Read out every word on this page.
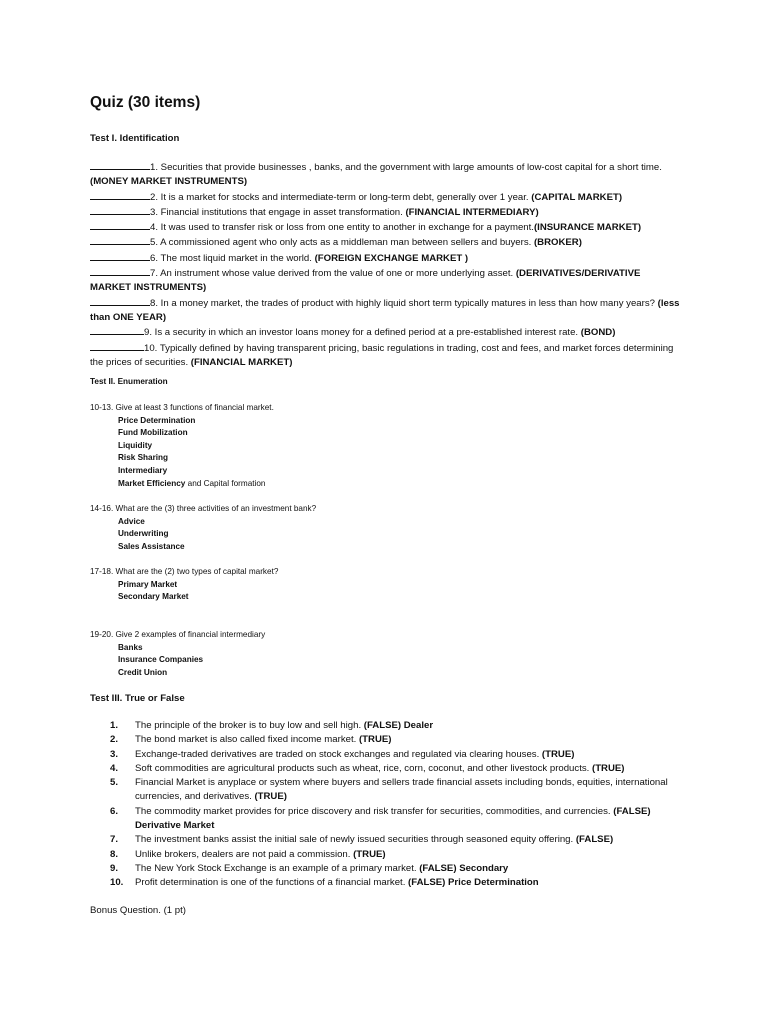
Quiz (30 items)
Test I. Identification

1. Securities that provide businesses , banks, and the government with large amounts of low-cost capital for a short time. (MONEY MARKET INSTRUMENTS)

2. It is a market for stocks and intermediate-term or long-term debt, generally over 1 year. (CAPITAL MARKET)

3. Financial institutions that engage in asset transformation. (FINANCIAL INTERMEDIARY)

4. It was used to transfer risk or loss from one entity to another in exchange for a payment.(INSURANCE MARKET)

5. A commissioned agent who only acts as a middleman man between sellers and buyers. (BROKER)

6. The most liquid market in the world. (FOREIGN EXCHANGE MARKET )

7. An instrument whose value derived from the value of one or more underlying asset. (DERIVATIVES/DERIVATIVE MARKET INSTRUMENTS)

8. In a money market, the trades of product with highly liquid short term typically matures in less than how many years? (less than ONE YEAR)

9. Is a security in which an investor loans money for a defined period at a pre-established interest rate. (BOND)

10. Typically defined by having transparent pricing, basic regulations in trading, cost and fees, and market forces determining the prices of securities. (FINANCIAL MARKET)

Test II. Enumeration

10-13. Give at least 3 functions of financial market.

Price Determination
Fund Mobilization
Liquidity
Risk Sharing
Intermediary
Market Efficiency and Capital formation

14-16. What are the (3) three activities of an investment bank?

Advice
Underwriting
Sales Assistance

17-18. What are the (2) two types of capital market?

Primary Market
Secondary Market

19-20. Give 2 examples of financial intermediary

Banks
Insurance Companies
Credit Union
Test III. True or False

1.	The principle of the broker is to buy low and sell high. (FALSE) Dealer

2.	The bond market is also called fixed income market. (TRUE)

3.	Exchange-traded derivatives are traded on stock exchanges and regulated via clearing houses. (TRUE)

4.	Soft commodities are agricultural products such as wheat, rice, corn, coconut, and other livestock products. (TRUE)

5.	Financial Market is anyplace or system where buyers and sellers trade financial assets including bonds, equities, international currencies, and derivatives. (TRUE)

6.	The commodity market provides for price discovery and risk transfer for securities, commodities, and currencies. (FALSE) Derivative Market

7.	The investment banks assist the initial sale of newly issued securities through seasoned equity offering. (FALSE)

8.	Unlike brokers, dealers are not paid a commission. (TRUE)

9.	The New York Stock Exchange is an example of a primary market. (FALSE) Secondary

10.	Profit determination is one of the functions of a financial market. (FALSE) Price Determination

Bonus Question. (1 pt)
